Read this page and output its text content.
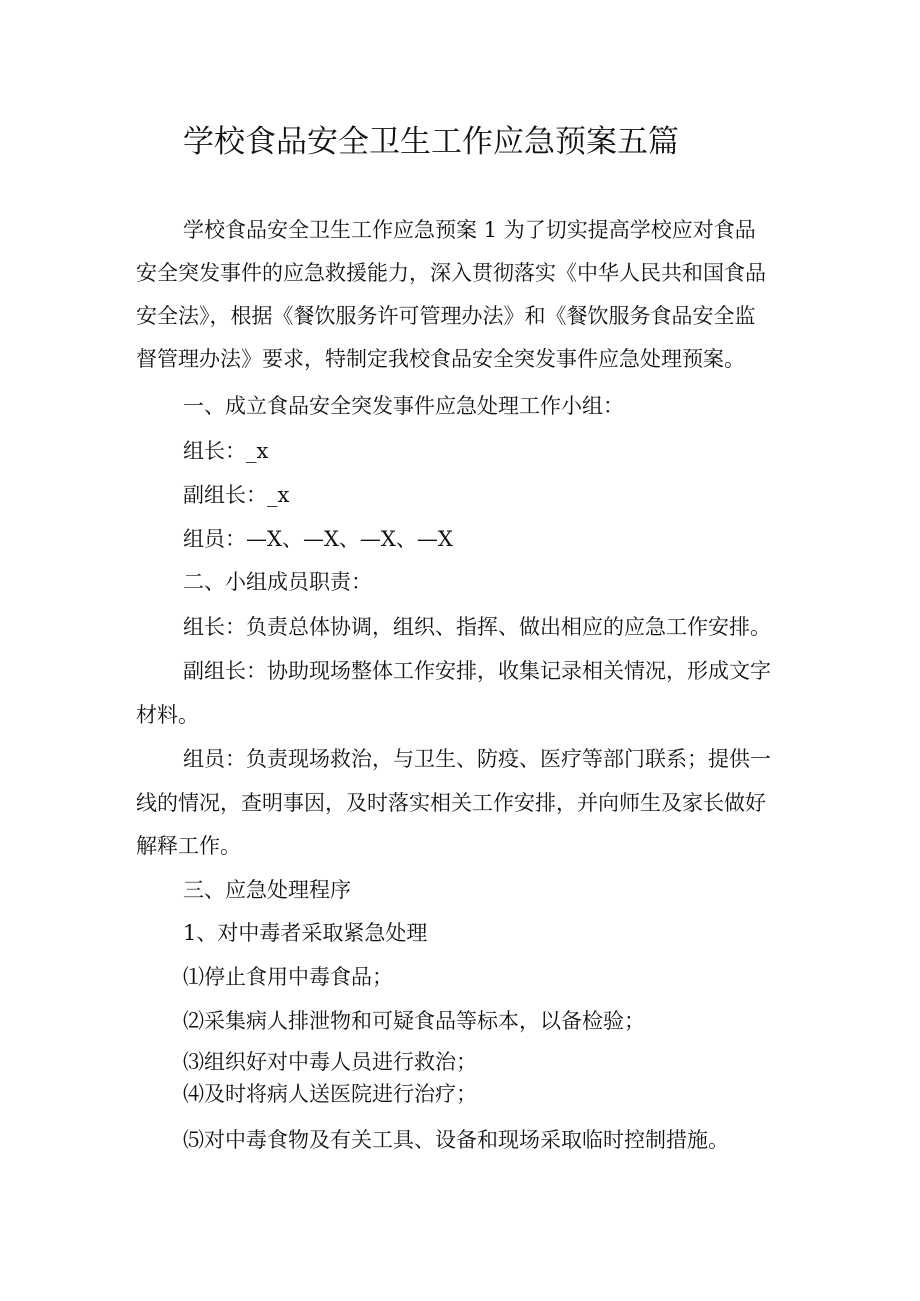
学校食品安全卫生工作应急预案五篇
学校食品安全卫生工作应急预案 1 为了切实提高学校应对食品
安全突发事件的应急救援能力，深入贯彻落实《中华人民共和国食品
安全法》，根据《餐饮服务许可管理办法》和《餐饮服务食品安全监
督管理办法》要求，特制定我校食品安全突发事件应急处理预案。
一、成立食品安全突发事件应急处理工作小组：
组长：_x
副组长：_x
组员：—X、—X、—X、—X
二、小组成员职责：
组长：负责总体协调，组织、指挥、做出相应的应急工作安排。
副组长：协助现场整体工作安排，收集记录相关情况，形成文字
材料。
组员：负责现场救治，与卫生、防疫、医疗等部门联系；提供一
线的情况，查明事因，及时落实相关工作安排，并向师生及家长做好
解释工作。
三、应急处理程序
1、对中毒者采取紧急处理
⑴停止食用中毒食品；
⑵采集病人排泄物和可疑食品等标本，以备检验；
⑶组织好对中毒人员进行救治；
⑷及时将病人送医院进行治疗；
⑸对中毒食物及有关工具、设备和现场采取临时控制措施。
